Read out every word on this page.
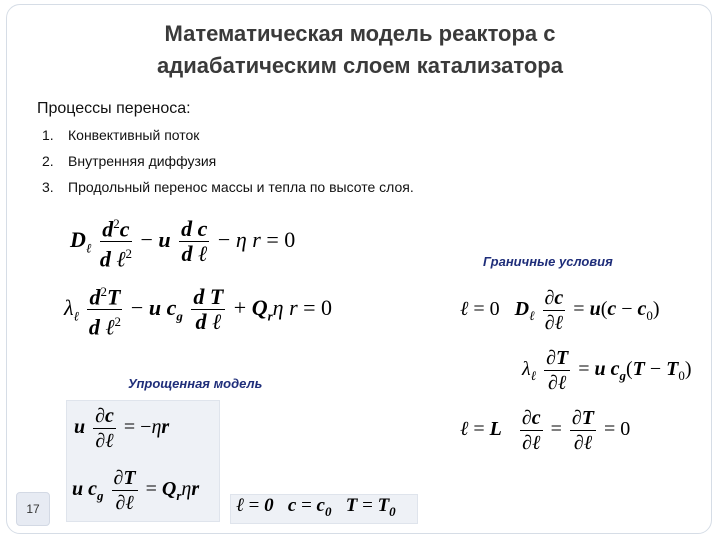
Математическая модель реактора с
адиабатическим слоем катализатора
Процессы переноса:
1. Конвективный поток
2. Внутренняя диффузия
3. Продольный перенос массы и тепла по высоте слоя.
$D_\ell \frac{d^2c}{d \ell^2} - u \frac{\text{d c}}{\text{d ℓ}} - \eta$ r = 0
$\lambda_\ell \frac{d^2T}{d \ell^2} - u$ $c_g \frac{\text{d T}}{\text{d ℓ}} + Q_r\eta$ r = 0
Граничные условия
ℓ = 0   $D_\ell \frac{\partial c}{\text{∂ℓ}} = u(c - c_0)$
$\lambda_\ell \frac{\partial T}{\text{∂ℓ}} = u$ $c_g(T - T_0)$
ℓ = L $\frac{\partial c}{\text{∂ℓ}} = \frac{\partial T}{\text{∂ℓ}} = 0$
Упрощенная модель
u $\frac{\partial c}{\text{∂ℓ}} = -\eta r$
u $c_g \frac{\partial T}{\text{∂ℓ}} = Q_r\eta r$
ℓ = 0 $c = c_0$ $T = T_0$
17
